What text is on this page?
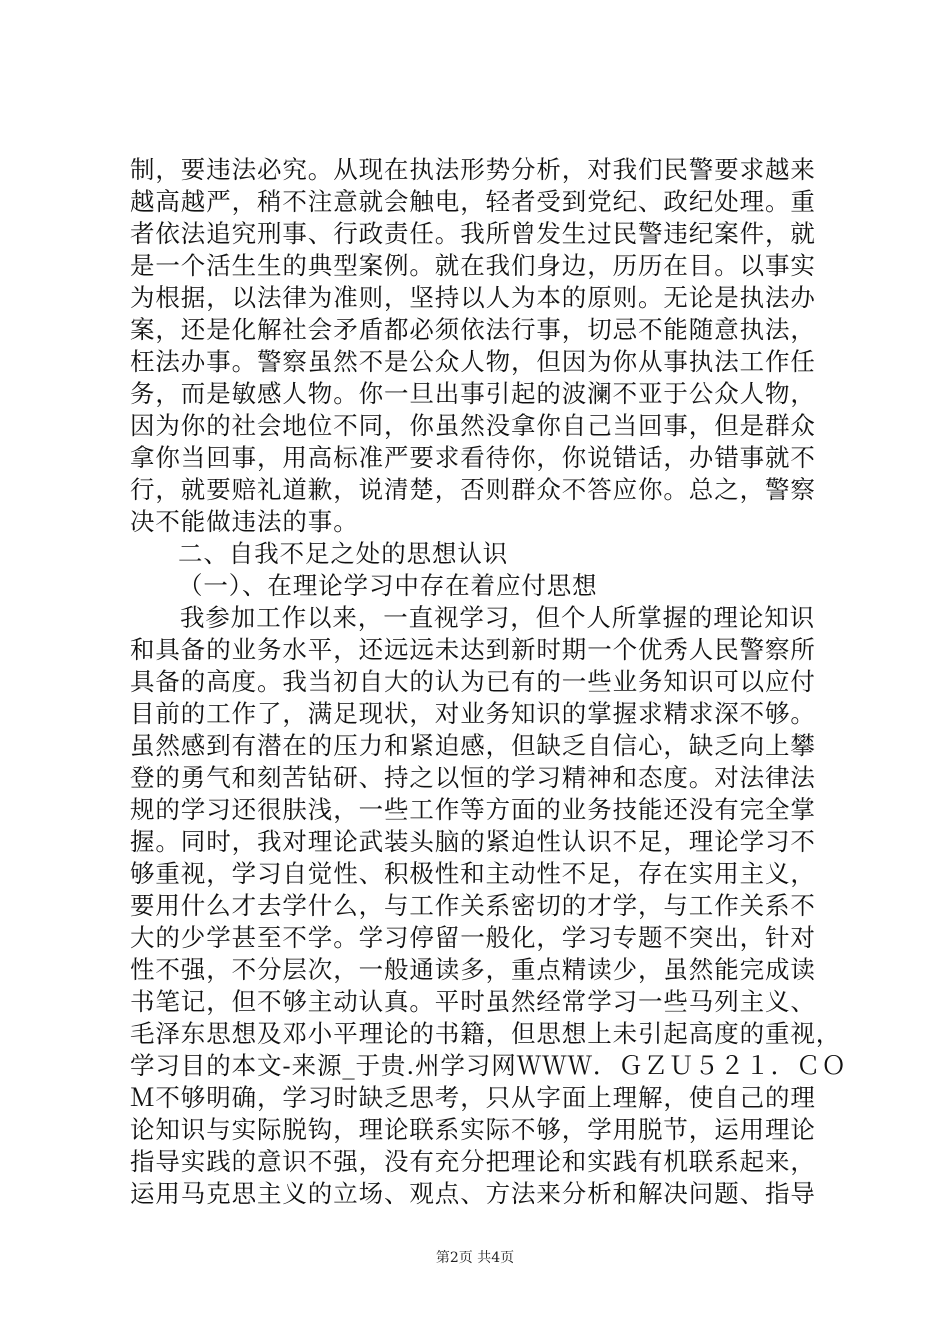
制，要违法必究。从现在执法形势分析，对我们民警要求越来
越高越严，稍不注意就会触电，轻者受到党纪、政纪处理。重
者依法追究刑事、行政责任。我所曾发生过民警违纪案件，就
是一个活生生的典型案例。就在我们身边，历历在目。以事实
为根据，以法律为准则，坚持以人为本的原则。无论是执法办
案，还是化解社会矛盾都必须依法行事，切忌不能随意执法，
枉法办事。警察虽然不是公众人物，但因为你从事执法工作任
务，而是敏感人物。你一旦出事引起的波澜不亚于公众人物，
因为你的社会地位不同，你虽然没拿你自己当回事，但是群众
拿你当回事，用高标准严要求看待你，你说错话，办错事就不
行，就要赔礼道歉，说清楚，否则群众不答应你。总之，警察
决不能做违法的事。
二、自我不足之处的思想认识
（一）、在理论学习中存在着应付思想
我参加工作以来，一直视学习，但个人所掌握的理论知识
和具备的业务水平，还远远未达到新时期一个优秀人民警察所
具备的高度。我当初自大的认为已有的一些业务知识可以应付
目前的工作了，满足现状，对业务知识的掌握求精求深不够。
虽然感到有潜在的压力和紧迫感，但缺乏自信心，缺乏向上攀
登的勇气和刻苦钻研、持之以恒的学习精神和态度。对法律法
规的学习还很肤浅，一些工作等方面的业务技能还没有完全掌
握。同时，我对理论武装头脑的紧迫性认识不足，理论学习不
够重视，学习自觉性、积极性和主动性不足，存在实用主义，
要用什么才去学什么，与工作关系密切的才学，与工作关系不
大的少学甚至不学。学习停留一般化，学习专题不突出，针对
性不强，不分层次，一般通读多，重点精读少，虽然能完成读
书笔记，但不够主动认真。平时虽然经常学习一些马列主义、
毛泽东思想及邓小平理论的书籍，但思想上未引起高度的重视，
学习目的本文-来源_于贵.州学习网ＷＷＷ．ＧＺＵ５２１．ＣＯ
Ｍ不够明确，学习时缺乏思考，只从字面上理解，使自己的理
论知识与实际脱钩，理论联系实际不够，学用脱节，运用理论
指导实践的意识不强，没有充分把理论和实践有机联系起来，
运用马克思主义的立场、观点、方法来分析和解决问题、指导
第2页 共4页
